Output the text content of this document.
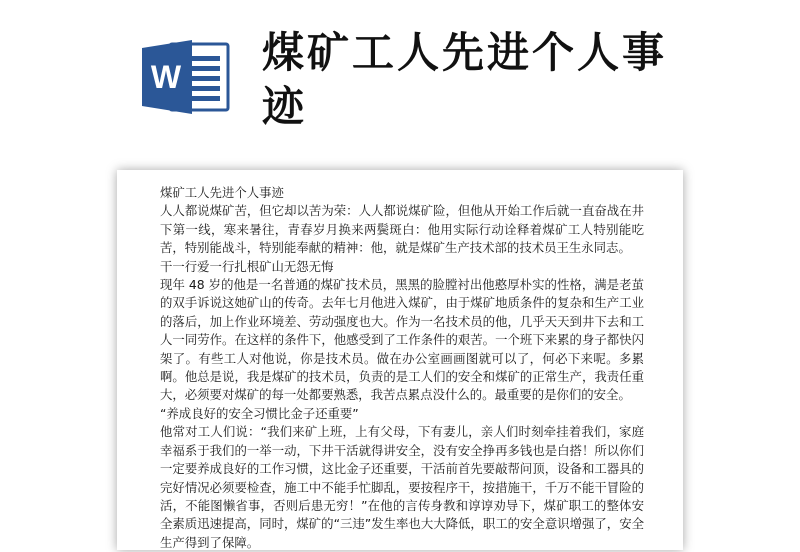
W 煤矿工人先进个人事迹

煤矿工人先进个人事迹

人人都说煤矿苦，但它却以苦为荣：人人都说煤矿险，但他从开始工作后就一直奋战在井下第一线，寒来暑往，青春岁月换来两鬓斑白：他用实际行动诠释着煤矿工人特别能吃苦，特别能战斗，特别能奉献的精神：他，就是煤矿生产技术部的技术员王生永同志。

干一行爱一行扎根矿山无怨无悔

现年 48 岁的他是一名普通的煤矿技术员，黑黑的脸膛衬出他憨厚朴实的性格，满是老茧的双手诉说这她矿山的传奇。去年七月他进入煤矿，由于煤矿地质条件的复杂和生产工业的落后，加上作业环境差、劳动强度也大。作为一名技术员的他，几乎天天到井下去和工人一同劳作。在这样的条件下，他感受到了工作条件的艰苦。一个班下来累的身子都快闪架了。有些工人对他说，你是技术员。做在办公室画画图就可以了，何必下来呢。多累啊。他总是说，我是煤矿的技术员，负责的是工人们的安全和煤矿的正常生产，我责任重大，必须要对煤矿的每一处都要熟悉，我苦点累点没什么的。最重要的是你们的安全。

“养成良好的安全习惯比金子还重要”

他常对工人们说：“我们来矿上班，上有父母，下有妻儿，亲人们时刻牵挂着我们，家庭幸福系于我们的一举一动，下井干活就得讲安全，没有安全挣再多钱也是白搭！所以你们一定要养成良好的工作习惯，这比金子还重要，干活前首先要敲帮问顶，设备和工器具的完好情况必须要检查，施工中不能手忙脚乱，要按程序干，按措施干，千万不能干冒险的活，不能图懒省事，否则后患无穷！”在他的言传身教和谆谆劝导下，煤矿职工的整体安全素质迅速提高，同时，煤矿的“三违”发生率也大大降低，职工的安全意识增强了，安全生产得到了保障。
